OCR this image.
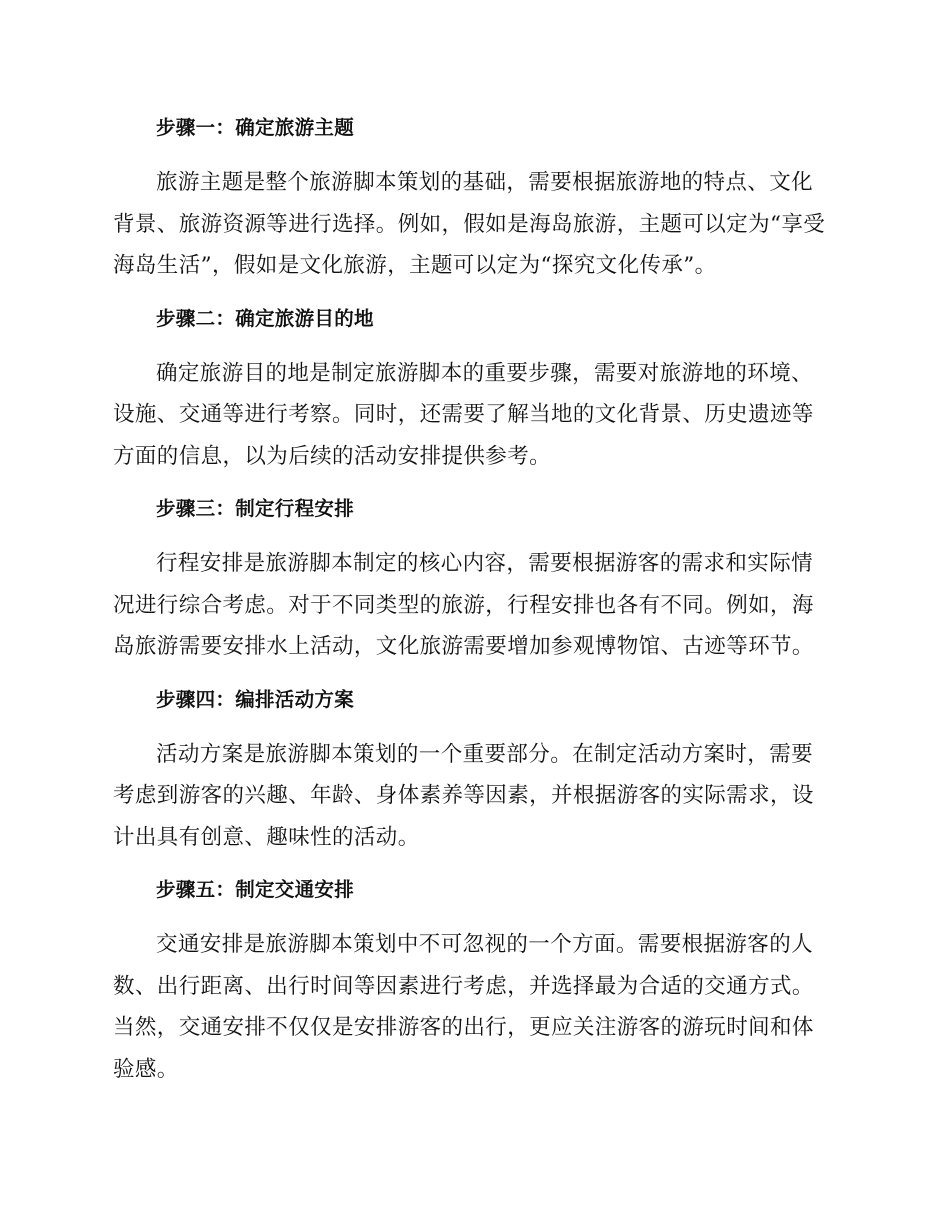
步骤一：确定旅游主题

旅游主题是整个旅游脚本策划的基础，需要根据旅游地的特点、文化背景、旅游资源等进行选择。例如，假如是海岛旅游，主题可以定为“享受海岛生活”，假如是文化旅游，主题可以定为“探究文化传承”。

步骤二：确定旅游目的地

确定旅游目的地是制定旅游脚本的重要步骤，需要对旅游地的环境、设施、交通等进行考察。同时，还需要了解当地的文化背景、历史遗迹等方面的信息，以为后续的活动安排提供参考。

步骤三：制定行程安排

行程安排是旅游脚本制定的核心内容，需要根据游客的需求和实际情况进行综合考虑。对于不同类型的旅游，行程安排也各有不同。例如，海岛旅游需要安排水上活动，文化旅游需要增加参观博物馆、古迹等环节。

步骤四：编排活动方案

活动方案是旅游脚本策划的一个重要部分。在制定活动方案时，需要考虑到游客的兴趣、年龄、身体素养等因素，并根据游客的实际需求，设计出具有创意、趣味性的活动。

步骤五：制定交通安排

交通安排是旅游脚本策划中不可忽视的一个方面。需要根据游客的人数、出行距离、出行时间等因素进行考虑，并选择最为合适的交通方式。当然，交通安排不仅仅是安排游客的出行，更应关注游客的游玩时间和体验感。
